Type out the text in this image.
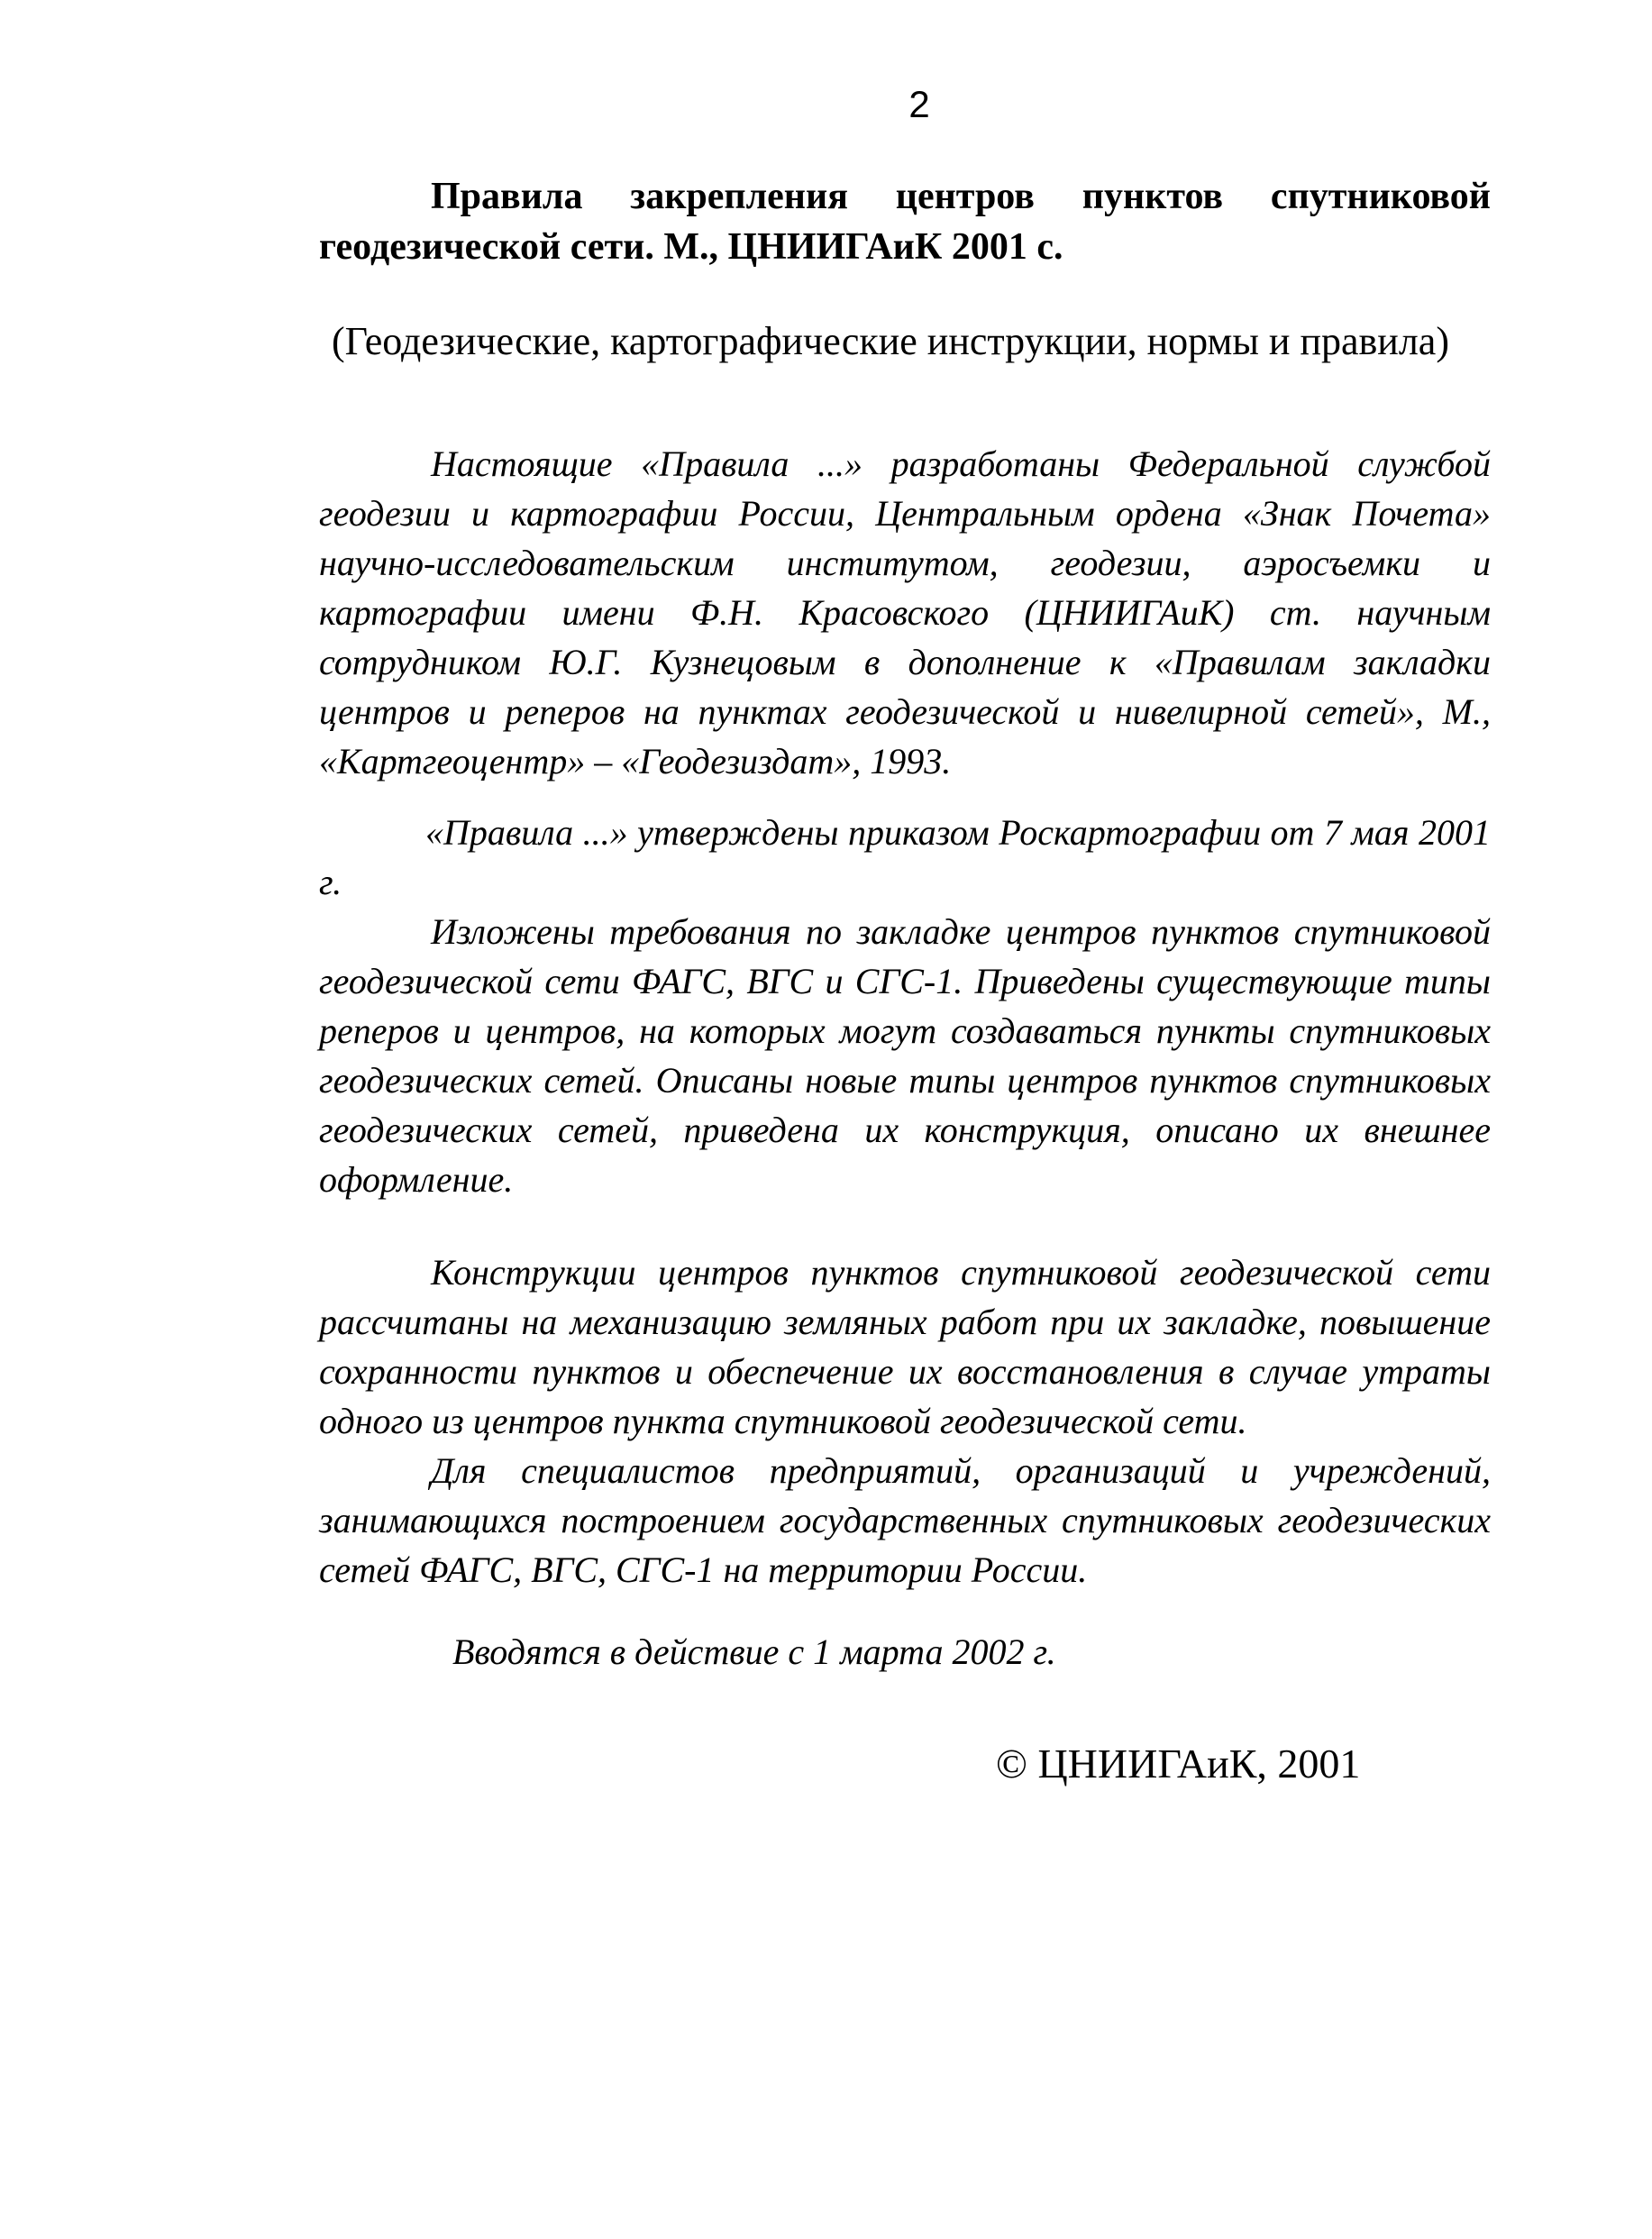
2

Правила закрепления центров пунктов спутниковой геодезической сети. М., ЦНИИГАиК 2001 с.

(Геодезические, картографические инструкции, нормы и правила)

Настоящие «Правила ...» разработаны Федеральной службой геодезии и картографии России, Центральным ордена «Знак Почета» научно-исследовательским институтом, геодезии, аэросъемки и картографии имени Ф.Н. Красовского (ЦНИИГАиК) ст. научным сотрудником Ю.Г. Кузнецовым в дополнение к «Правилам закладки центров и реперов на пунктах геодезической и нивелирной сетей», М., «Картгеоцентр» – «Геодезиздат», 1993.

«Правила ...» утверждены приказом Роскартографии от 7 мая 2001 г.

Изложены требования по закладке центров пунктов спутниковой геодезической сети ФАГС, ВГС и СГС-1. Приведены существующие типы реперов и центров, на которых могут создаваться пункты спутниковых геодезических сетей. Описаны новые типы центров пунктов спутниковых геодезических сетей, приведена их конструкция, описано их внешнее оформление.

Конструкции центров пунктов спутниковой геодезической сети рассчитаны на механизацию земляных работ при их закладке, повышение сохранности пунктов и обеспечение их восстановления в случае утраты одного из центров пункта спутниковой геодезической сети.

Для специалистов предприятий, организаций и учреждений, занимающихся построением государственных спутниковых геодезических сетей ФАГС, ВГС, СГС-1 на территории России.

Вводятся в действие с 1 марта 2002 г.

© ЦНИИГАиК, 2001
